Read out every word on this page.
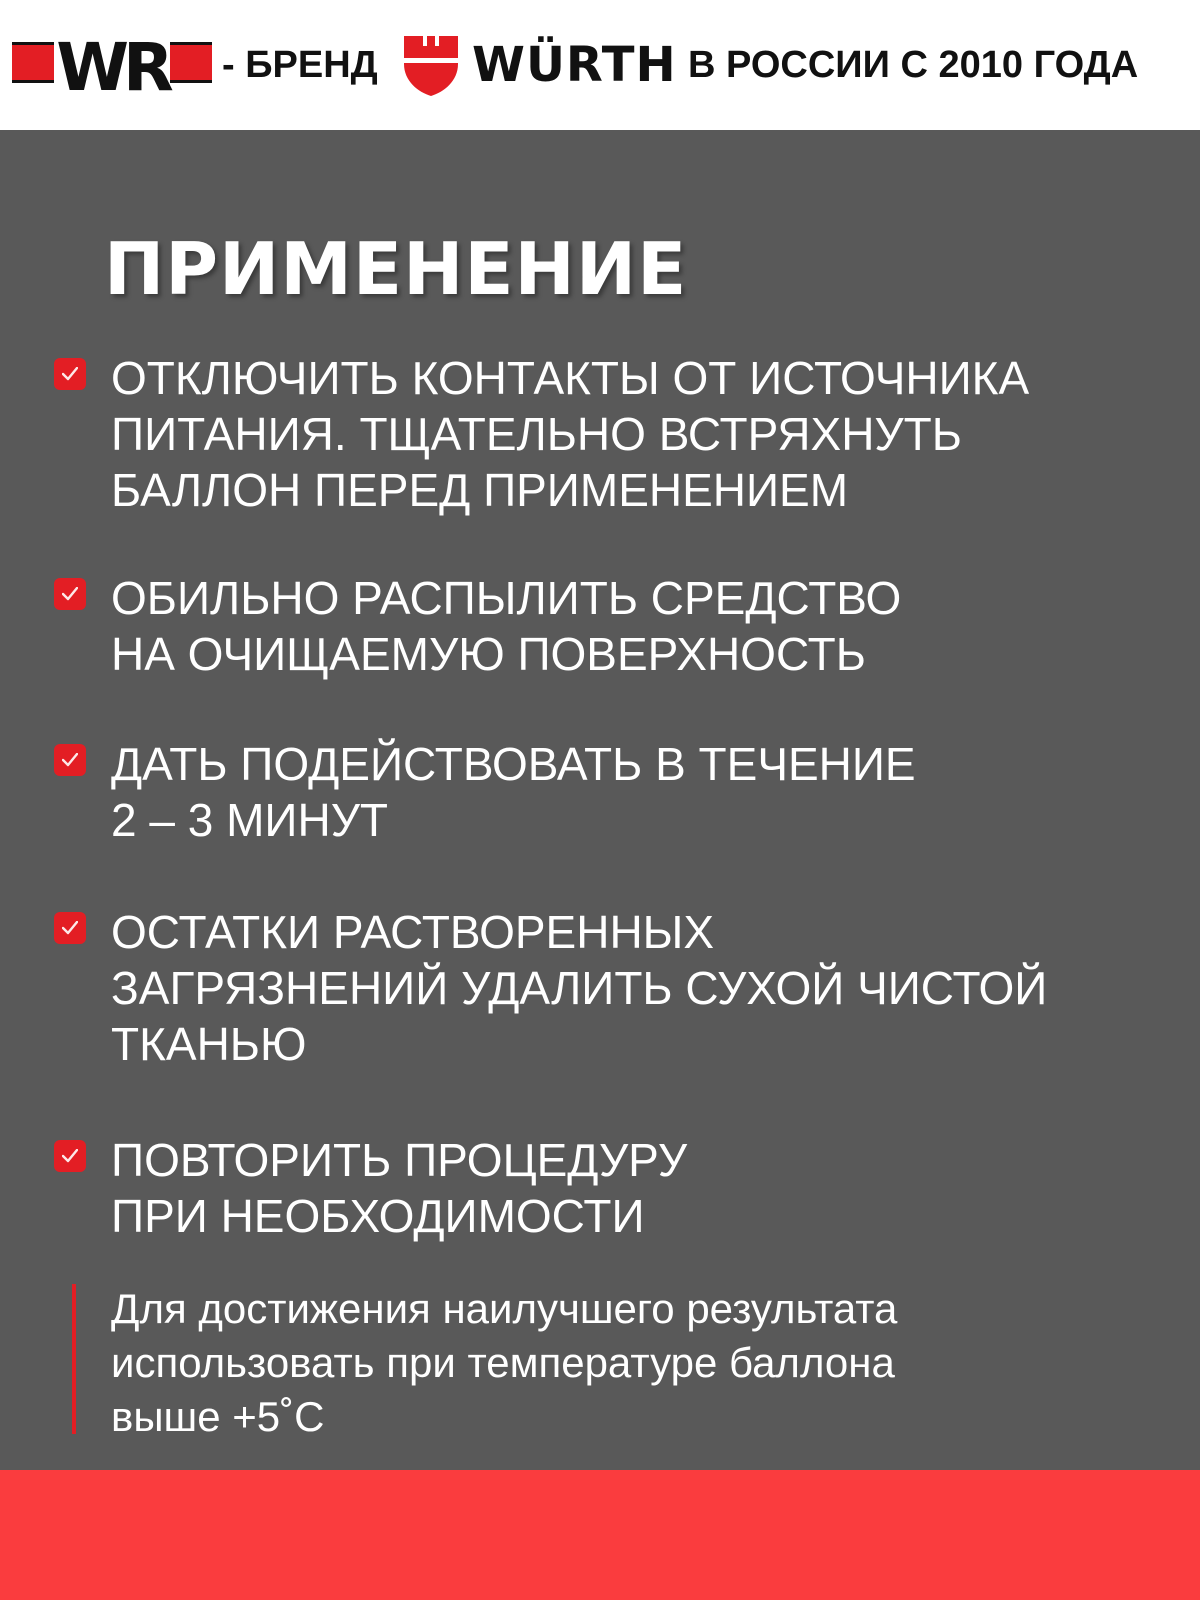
WR - БРЕНД WÜRTH В РОССИИ С 2010 ГОДА
ПРИМЕНЕНИЕ
ОТКЛЮЧИТЬ КОНТАКТЫ ОТ ИСТОЧНИКА
ПИТАНИЯ. ТЩАТЕЛЬНО ВСТРЯХНУТЬ
БАЛЛОН ПЕРЕД ПРИМЕНЕНИЕМ
ОБИЛЬНО РАСПЫЛИТЬ СРЕДСТВО
НА ОЧИЩАЕМУЮ ПОВЕРХНОСТЬ
ДАТЬ ПОДЕЙСТВОВАТЬ В ТЕЧЕНИЕ
2 – 3 МИНУТ
ОСТАТКИ РАСТВОРЕННЫХ
ЗАГРЯЗНЕНИЙ УДАЛИТЬ СУХОЙ ЧИСТОЙ
ТКАНЬЮ
ПОВТОРИТЬ ПРОЦЕДУРУ
ПРИ НЕОБХОДИМОСТИ
Для достижения наилучшего результата
использовать при температуре баллона
выше +5˚С
